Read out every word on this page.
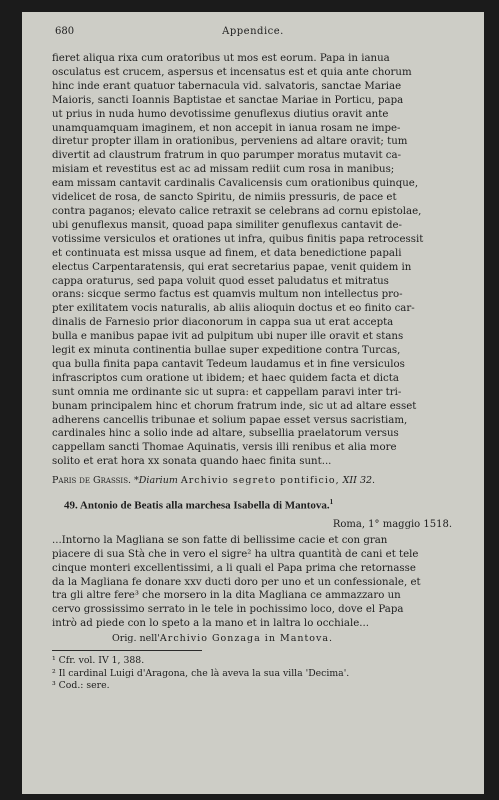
680	Appendice.
fieret aliqua rixa cum oratoribus ut mos est eorum. Papa in ianua
osculatus est crucem, aspersus et incensatus est et quia ante chorum
hinc inde erant quatuor tabernacula vid. salvatoris, sanctae Mariae
Maioris, sancti Ioannis Baptistae et sanctae Mariae in Porticu, papa
ut prius in nuda humo devotissime genuflexus diutius oravit ante
unamquamquam imaginem, et non accepit in ianua rosam ne impe-
diretur propter illam in orationibus, perveniens ad altare oravit; tum
divertit ad claustrum fratrum in quo parumper moratus mutavit ca-
misiam et revestitus est ac ad missam rediit cum rosa in manibus;
eam missam cantavit cardinalis Cavalicensis cum orationibus quinque,
videlicet de rosa, de sancto Spiritu, de nimiis pressuris, de pace et
contra paganos; elevato calice retraxit se celebrans ad cornu epistolae,
ubi genuflexus mansit, quoad papa similiter genuflexus cantavit de-
votissime versiculos et orationes ut infra, quibus finitis papa retrocessit
et continuata est missa usque ad finem, et data benedictione papali
electus Carpentaratensis, qui erat secretarius papae, venit quidem in
cappa oraturus, sed papa voluit quod esset paludatus et mitratus
orans: sicque sermo factus est quamvis multum non intellectus pro-
pter exilitatem vocis naturalis, ab aliis alioquin doctus et eo finito car-
dinalis de Farnesio prior diaconorum in cappa sua ut erat accepta
bulla e manibus papae ivit ad pulpitum ubi nuper ille oravit et stans
legit ex minuta continentia bullae super expeditione contra Turcas,
qua bulla finita papa cantavit Tedeum laudamus et in fine versiculos
infrascriptos cum oratione ut ibidem; et haec quidem facta et dicta
sunt omnia me ordinante sic ut supra: et cappellam paravi inter tri-
bunam principalem hinc et chorum fratrum inde, sic ut ad altare esset
adherens cancellis tribunae et solium papae esset versus sacristiam,
cardinales hinc a solio inde ad altare, subsellia praelatorum versus
cappellam sancti Thomae Aquinatis, versis illi renibus et alia more
solito et erat hora xx sonata quando haec finita sunt...
Paris de Grassis. *Diarium Archivio segreto pontificio, XII 32.
49. Antonio de Beatis alla marchesa Isabella di Mantova.$^1$
Roma, 1° maggio 1518.
...Intorno la Magliana se son fatte di bellissime cacie et con gran
piacere di sua Stà che in vero el sigre² ha ultra quantità de cani et tele
cinque monteri excellentissimi, a li quali el Papa prima che retornasse
da la Magliana fe donare xxv ducti doro per uno et un confessionale, et
tra gli altre fere³ che morsero in la dita Magliana ce ammazzaro un
cervo grossissimo serrato in le tele in pochissimo loco, dove el Papa
intrò ad piede con lo speto a la mano et in laltra lo occhiale...
Orig. nell'Archivio Gonzaga in Mantova.
¹ Cfr. vol. IV 1, 388.
² Il cardinal Luigi d'Aragona, che là aveva la sua villa 'Decima'.
³ Cod.: sere.
